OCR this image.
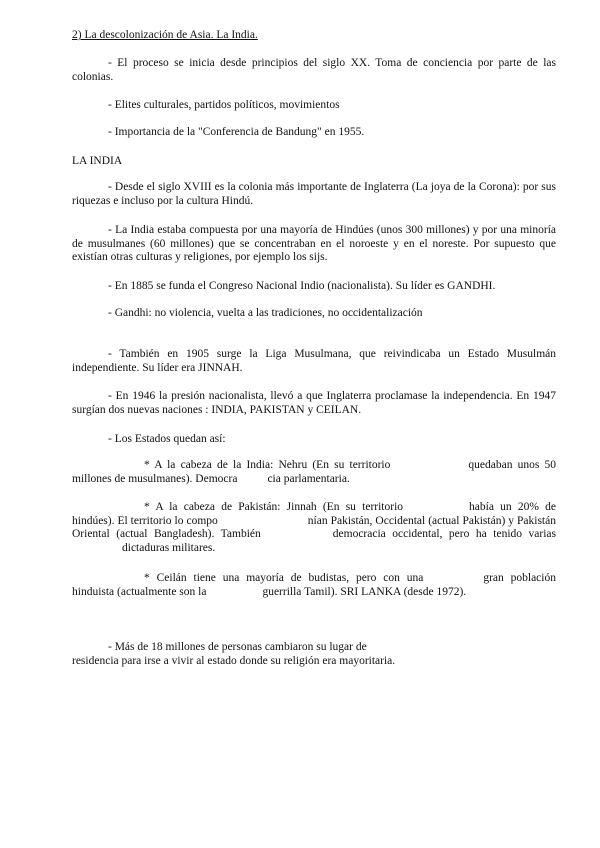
2) La descolonización de Asia. La India.

- El proceso se inicia desde principios del siglo XX. Toma de conciencia por parte de las colonias.

- Elites culturales, partidos políticos, movimientos

- Importancia de la "Conferencia de Bandung" en 1955.

LA INDIA

- Desde el siglo XVIII es la colonia más importante de Inglaterra (La joya de la Corona): por sus riquezas e incluso por la cultura Hindú.

- La India estaba compuesta por una mayoría de Hindúes (unos 300 millones) y por una minoría de musulmanes (60 millones) que se concentraban en el noroeste y en el noreste. Por supuesto que existían otras culturas y religiones, por ejemplo los sijs.

- En 1885 se funda el Congreso Nacional Indio (nacionalista). Su líder es GANDHI.

- Gandhi: no violencia, vuelta a las tradiciones, no occidentalización

- También en 1905 surge la Liga Musulmana, que reivindicaba un Estado Musulmán independiente. Su líder era JINNAH.

- En 1946 la presión nacionalista, llevó a que Inglaterra proclamase la independencia. En 1947 surgían dos nuevas naciones : INDIA, PAKISTAN y CEILAN.

- Los Estados quedan así:

* A la cabeza de la India: Nehru (En su territorio	quedaban unos 50 millones de musulmanes). Democra	cia parlamentaria.

* A la cabeza de Pakistán: Jinnah (En su territorio	había un 20% de hindúes). El territorio lo compo	nían Pakistán, Occidental (actual Pakistán) y Pakistán Oriental (actual Bangladesh). También	democracia occidental, pero ha tenido variasdictaduras militares.

* Ceilán tiene una mayoría de budistas, pero con una	gran población hinduista (actualmente son la	guerrilla Tamil). SRI LANKA (desde 1972).

- Más de 18 millones de personas cambiaron su lugar de
residencia para irse a vivir al estado donde su religión era mayoritaria.
